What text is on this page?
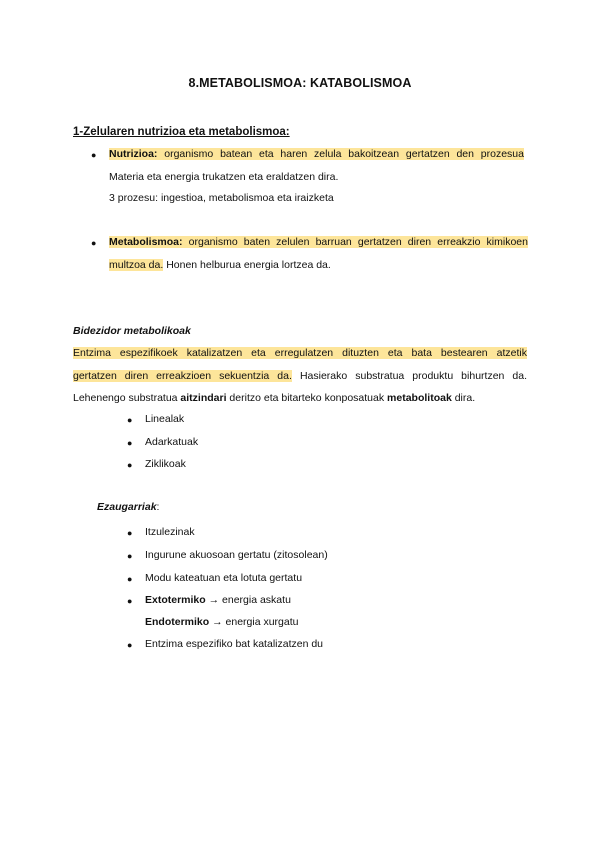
8.METABOLISMOA: KATABOLISMOA
1-Zelularen nutrizioa eta metabolismoa:
● Nutrizioa: organismo batean eta haren zelula bakoitzean gertatzen den prozesua
Materia eta energia trukatzen eta eraldatzen dira.
3 prozesu: ingestioa, metabolismoa eta iraizketa
● Metabolismoa: organismo baten zelulen barruan gertatzen diren erreakzio kimikoen
multzoa da. Honen helburua energia lortzea da.
Bidezidor metabolikoak
Entzima espezifikoek katalizatzen eta erregulatzen dituzten eta bata bestearen atzetik
gertatzen diren erreakzioen sekuentzia da. Hasierako substratua produktu bihurtzen da.
Lehenengo substratua aitzindari deritzo eta bitarteko konposatuak metabolitoak dira.
● Linealak
● Adarkatuak
● Ziklikoak
Ezaugarriak:
● Itzulezinak
● Ingurune akuosoan gertatu (zitosolean)
● Modu kateatuan eta lotuta gertatu
● Extotermiko → energia askatu
Endotermiko → energia xurgatu
● Entzima espezifiko bat katalizatzen du
